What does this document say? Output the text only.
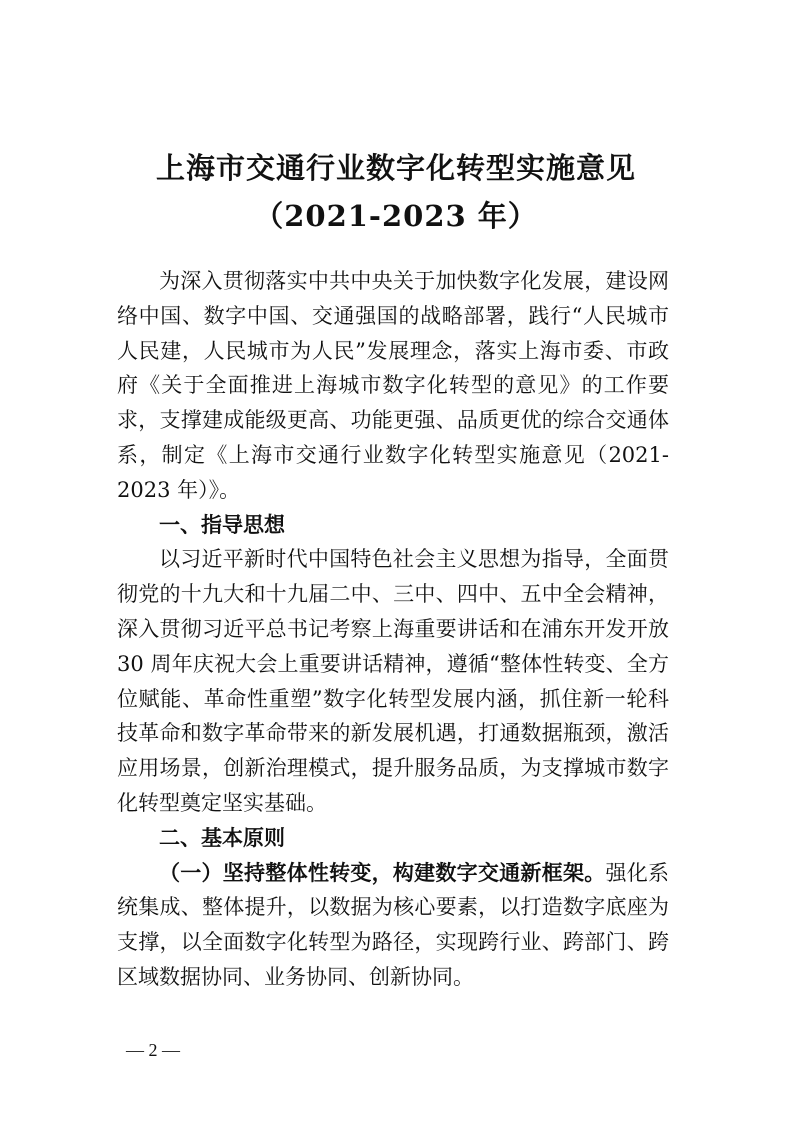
上海市交通行业数字化转型实施意见
（2021-2023 年）

为深入贯彻落实中共中央关于加快数字化发展，建设网络中国、数字中国、交通强国的战略部署，践行“人民城市人民建，人民城市为人民”发展理念，落实上海市委、市政府《关于全面推进上海城市数字化转型的意见》的工作要求，支撑建成能级更高、功能更强、品质更优的综合交通体系，制定《上海市交通行业数字化转型实施意见（2021-2023 年）》。

一、指导思想

以习近平新时代中国特色社会主义思想为指导，全面贯彻党的十九大和十九届二中、三中、四中、五中全会精神，深入贯彻习近平总书记考察上海重要讲话和在浦东开发开放 30 周年庆祝大会上重要讲话精神，遵循“整体性转变、全方位赋能、革命性重塑”数字化转型发展内涵，抓住新一轮科技革命和数字革命带来的新发展机遇，打通数据瓶颈，激活应用场景，创新治理模式，提升服务品质，为支撑城市数字化转型奠定坚实基础。

二、基本原则

（一）坚持整体性转变，构建数字交通新框架。强化系统集成、整体提升，以数据为核心要素，以打造数字底座为支撑，以全面数字化转型为路径，实现跨行业、跨部门、跨区域数据协同、业务协同、创新协同。

— 2 —
